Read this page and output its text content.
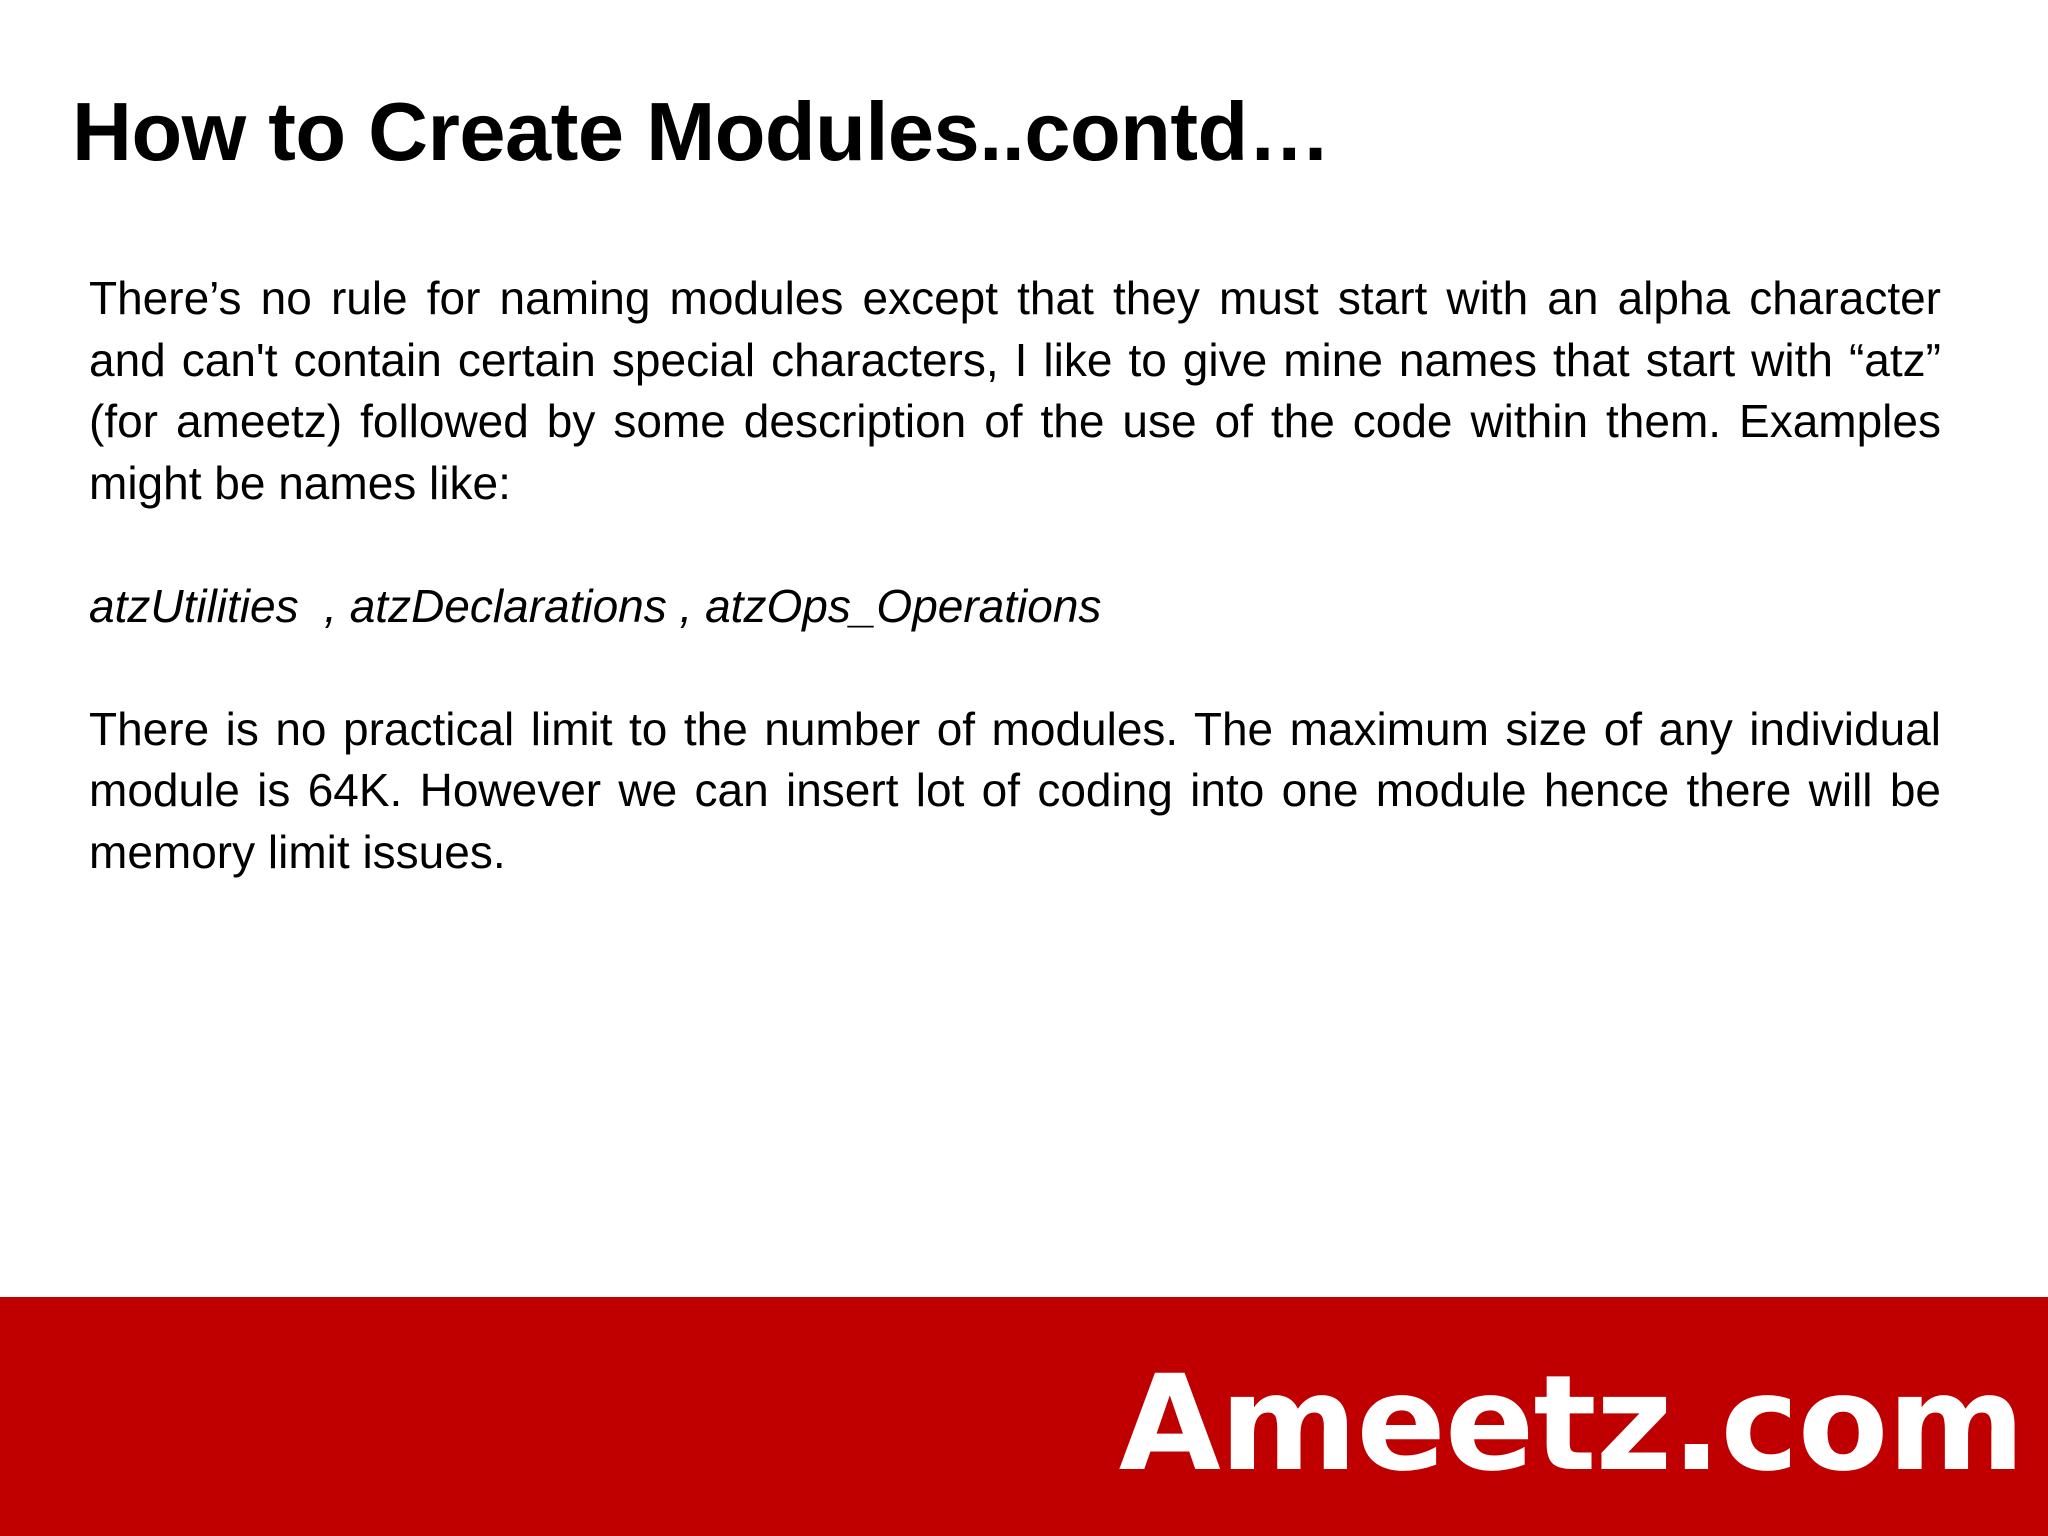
How to Create Modules..contd…

There’s no rule for naming modules except that they must start with an alpha character and can't contain certain special characters, I like to give mine names that start with “atz” (for ameetz) followed by some description of the use of the code within them. Examples might be names like:

atzUtilities  , atzDeclarations , atzOps_Operations

There is no practical limit to the number of modules. The maximum size of any individual module is 64K. However we can insert lot of coding into one module hence there will be memory limit issues.

Ameetz.com
